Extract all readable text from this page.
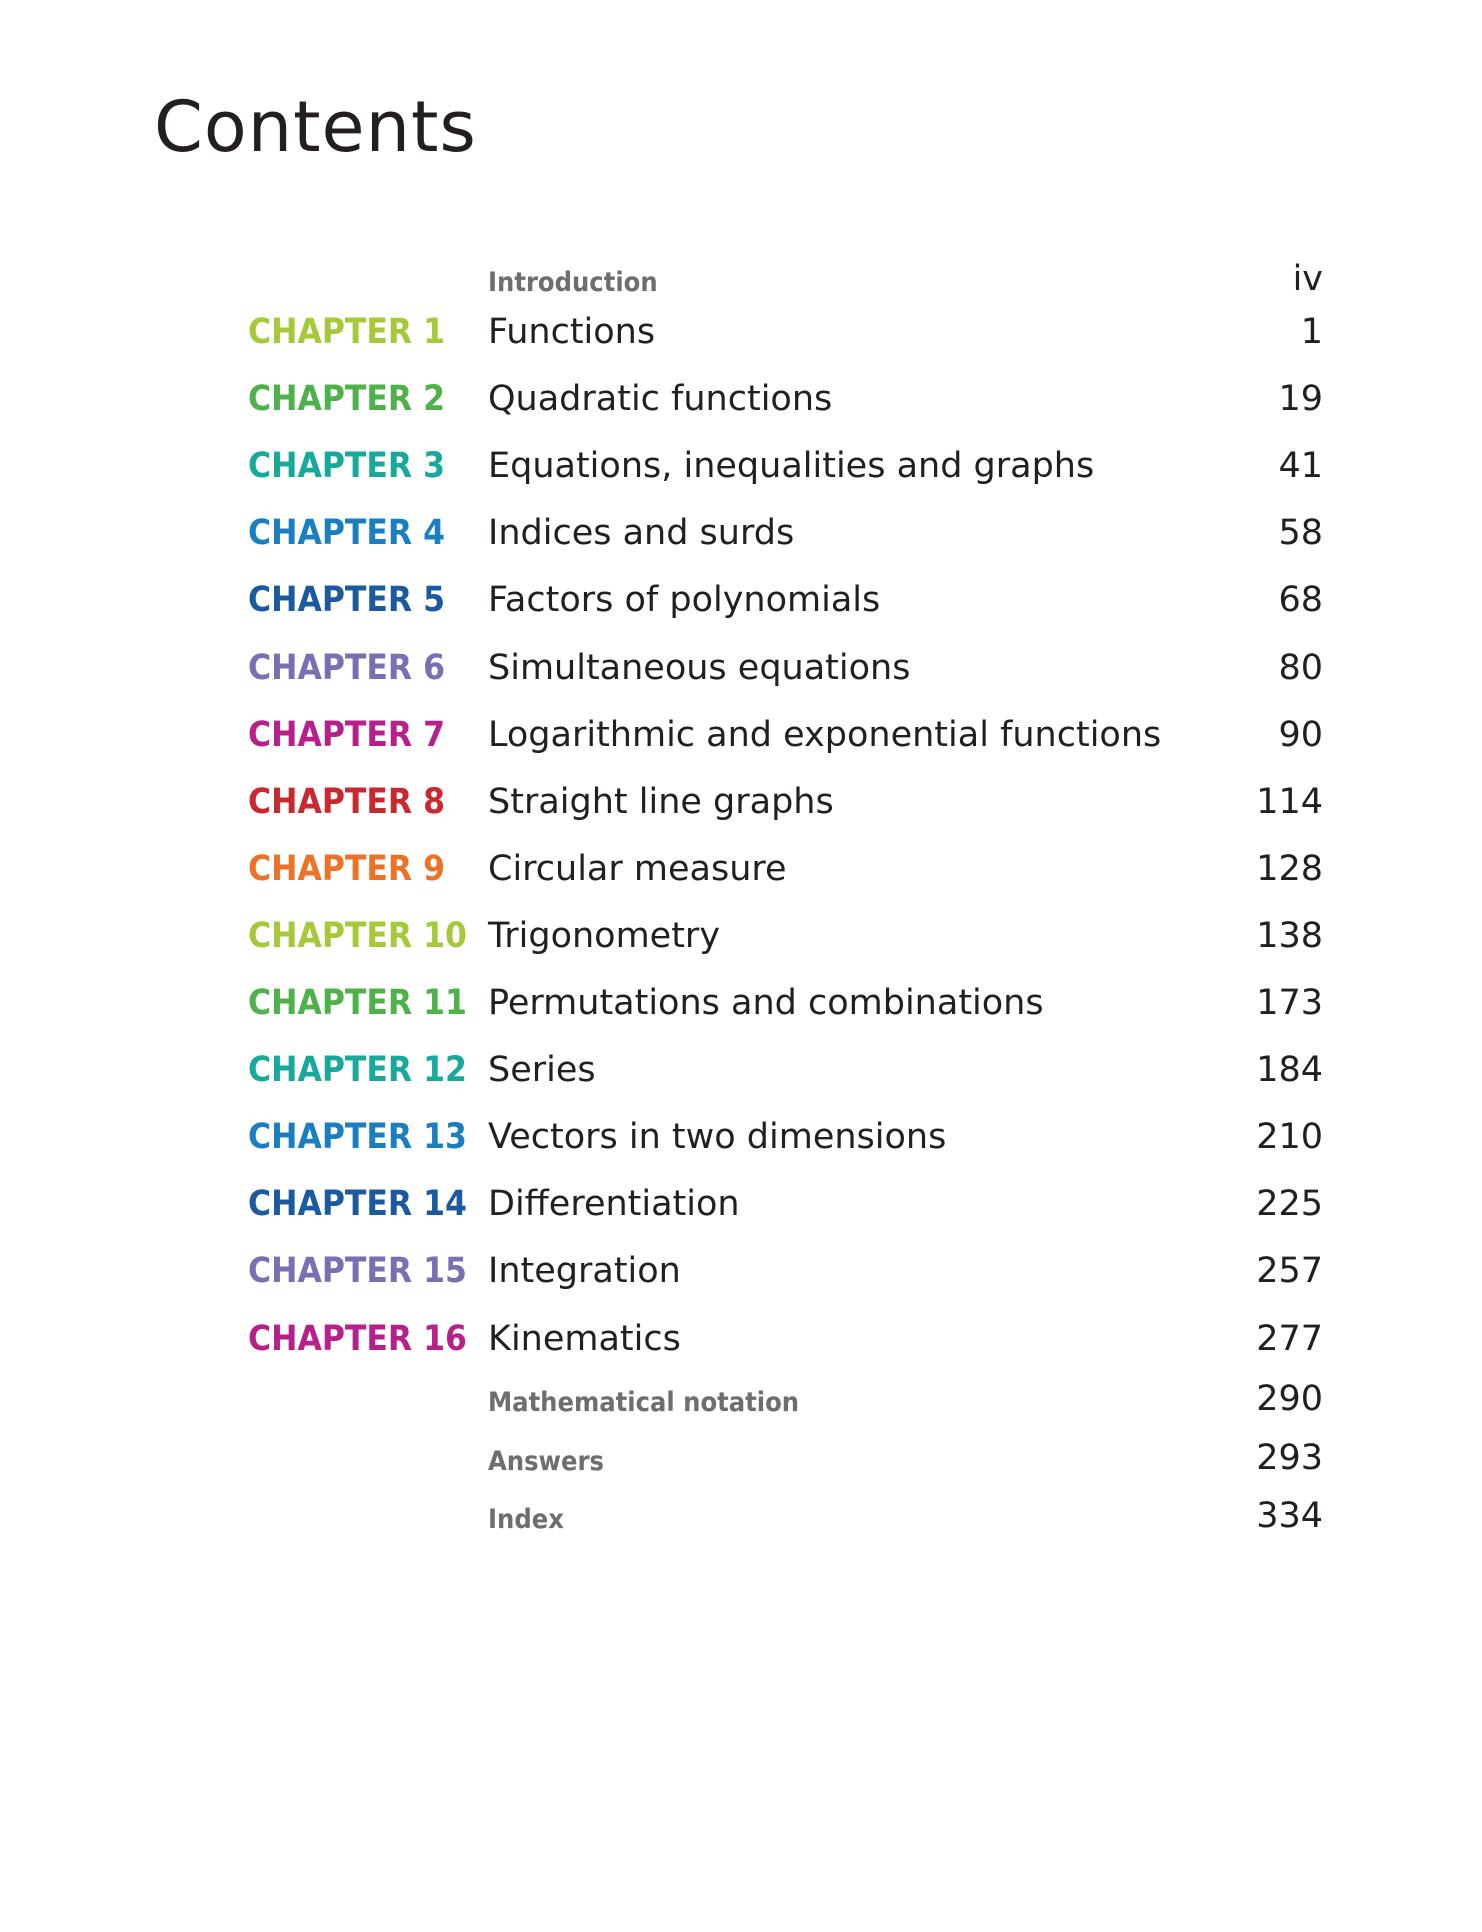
Contents
Introduction	iv
CHAPTER 1 Functions	1
CHAPTER 2 Quadratic functions	19
CHAPTER 3 Equations, inequalities and graphs	41
CHAPTER 4 Indices and surds	58
CHAPTER 5 Factors of polynomials	68
CHAPTER 6 Simultaneous equations	80
CHAPTER 7 Logarithmic and exponential functions	90
CHAPTER 8 Straight line graphs	114
CHAPTER 9 Circular measure	128
CHAPTER 10 Trigonometry	138
CHAPTER 11 Permutations and combinations	173
CHAPTER 12 Series	184
CHAPTER 13 Vectors in two dimensions	210
CHAPTER 14 Differentiation	225
CHAPTER 15 Integration	257
CHAPTER 16 Kinematics	277
Mathematical notation	290
Answers	293
Index	334
